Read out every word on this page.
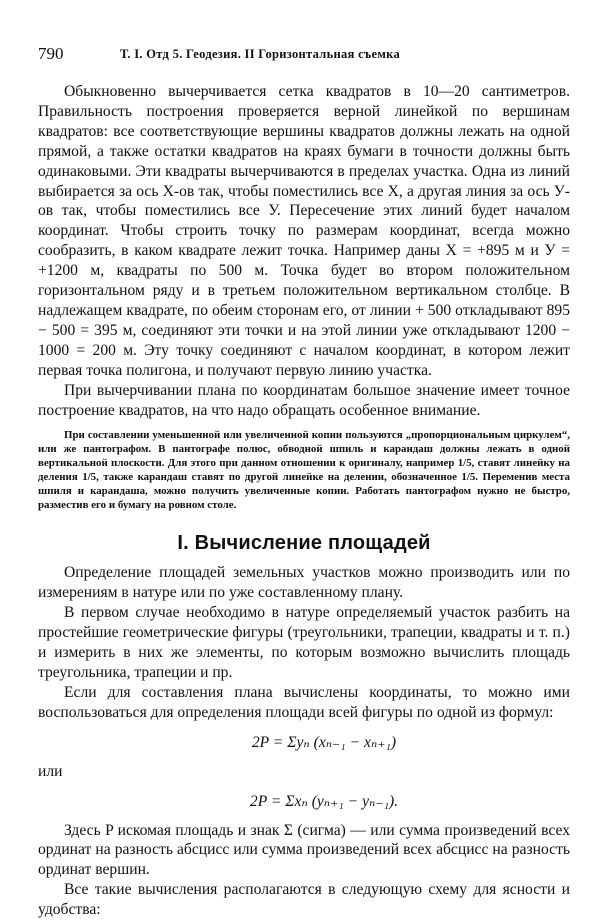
790	Т. I. Отд 5. Геодезия. II Горизонтальная съемка

Обыкновенно вычерчивается сетка квадратов в 10—20 сантиметров. Правильность построения проверяется верной линейкой по вершинам квадратов: все соответствующие вершины квадратов должны лежать на одной прямой, а также остатки квадратов на краях бумаги в точности должны быть одинаковыми. Эти квадраты вычерчиваются в пределах участка. Одна из линий выбирается за ось X-ов так, чтобы поместились все X, а другая линия за ось У-ов так, чтобы поместились все У. Пересечение этих линий будет началом координат. Чтобы строить точку по размерам координат, всегда можно сообразить, в каком квадрате лежит точка. Например даны X = +895 м и У = +1200 м, квадраты по 500 м. Точка будет во втором положительном горизонтальном ряду и в третьем положительном вертикальном столбце. В надлежащем квадрате, по обеим сторонам его, от линии + 500 откладывают 895 − 500 = 395 м, соединяют эти точки и на этой линии уже откладывают 1200 − 1000 = 200 м. Эту точку соединяют с началом координат, в котором лежит первая точка полигона, и получают первую линию участка.

При вычерчивании плана по координатам большое значение имеет точное построение квадратов, на что надо обращать особенное внимание.

При составлении уменьшенной или увеличенной копии пользуются „пропорциональным циркулем“, или же пантографом. В пантографе полюс, обводной шпиль и карандаш должны лежать в одной вертикальной плоскости. Для этого при данном отношении к оригиналу, например 1/5, ставят линейку на деления 1/5, также карандаш ставят по другой линейке на делении, обозначенное 1/5. Переменив места шпиля и карандаша, можно получить увеличенные копии. Работать пантографом нужно не быстро, разместив его и бумагу на ровном столе.

I. Вычисление площадей

Определение площадей земельных участков можно производить или по измерениям в натуре или по уже составленному плану.

В первом случае необходимо в натуре определяемый участок разбить на простейшие геометрические фигуры (треугольники, трапеции, квадраты и т. п.) и измерить в них же элементы, по которым возможно вычислить площадь треугольника, трапеции и пр.

Если для составления плана вычислены координаты, то можно ими воспользоваться для определения площади всей фигуры по одной из формул:

2P = Σyₙ (xₙ₋₁ − xₙ₊₁)
или
2P = Σxₙ (yₙ₊₁ − yₙ₋₁).

Здесь P искомая площадь и знак Σ (сигма) — или сумма произведений всех ординат на разность абсцисс или сумма произведений всех абсцисс на разность ординат вершин.

Все такие вычисления располагаются в следующую схему для ясности и удобства:
